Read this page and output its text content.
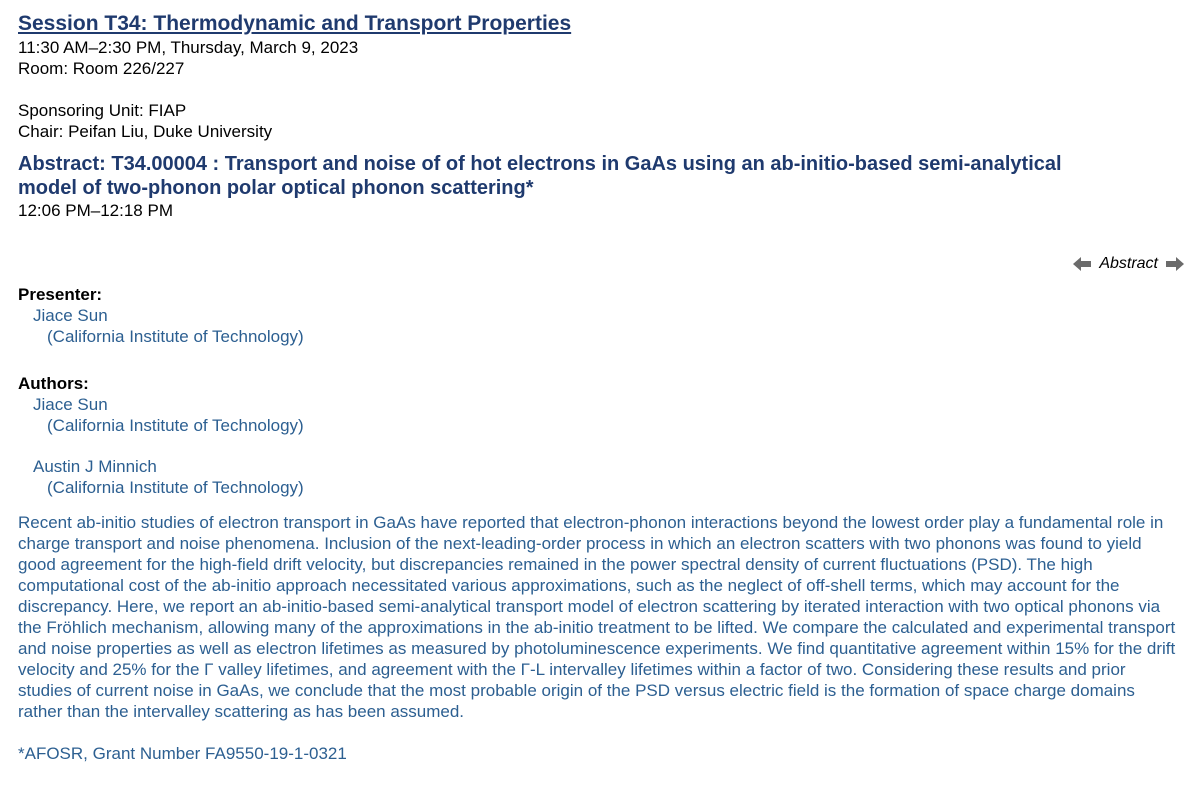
Session T34: Thermodynamic and Transport Properties
11:30 AM–2:30 PM, Thursday, March 9, 2023
Room: Room 226/227
Sponsoring Unit: FIAP
Chair: Peifan Liu, Duke University
Abstract: T34.00004 : Transport and noise of of hot electrons in GaAs using an ab-initio-based semi-analytical model of two-phonon polar optical phonon scattering*
12:06 PM–12:18 PM
Abstract
Presenter:
Jiace Sun
(California Institute of Technology)
Authors:
Jiace Sun
(California Institute of Technology)
Austin J Minnich
(California Institute of Technology)
Recent ab-initio studies of electron transport in GaAs have reported that electron-phonon interactions beyond the lowest order play a fundamental role in charge transport and noise phenomena. Inclusion of the next-leading-order process in which an electron scatters with two phonons was found to yield good agreement for the high-field drift velocity, but discrepancies remained in the power spectral density of current fluctuations (PSD). The high computational cost of the ab-initio approach necessitated various approximations, such as the neglect of off-shell terms, which may account for the discrepancy. Here, we report an ab-initio-based semi-analytical transport model of electron scattering by iterated interaction with two optical phonons via the Fröhlich mechanism, allowing many of the approximations in the ab-initio treatment to be lifted. We compare the calculated and experimental transport and noise properties as well as electron lifetimes as measured by photoluminescence experiments. We find quantitative agreement within 15% for the drift velocity and 25% for the Γ valley lifetimes, and agreement with the Γ-L intervalley lifetimes within a factor of two. Considering these results and prior studies of current noise in GaAs, we conclude that the most probable origin of the PSD versus electric field is the formation of space charge domains rather than the intervalley scattering as has been assumed.
*AFOSR, Grant Number FA9550-19-1-0321
